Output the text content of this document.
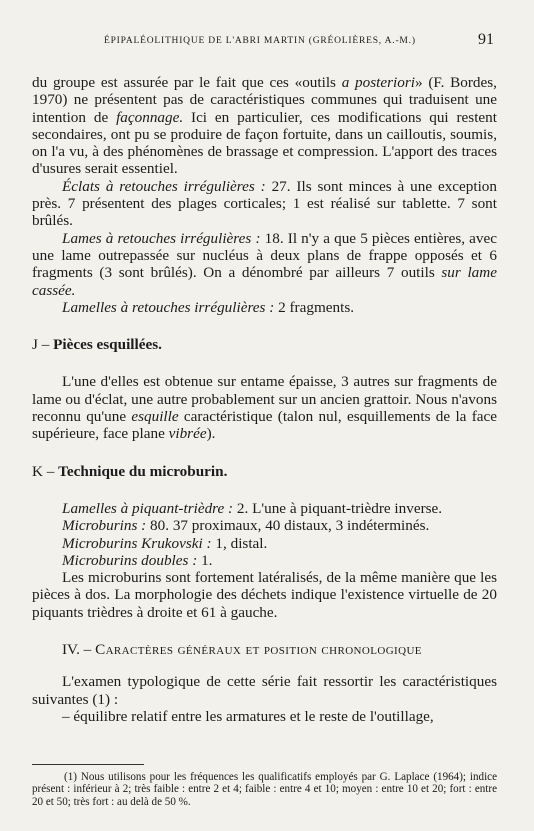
ÉPIPALÉOLITHIQUE DE L'ABRI MARTIN (GRÉOLIÈRES, A.-M.)	91

du groupe est assurée par le fait que ces «outils a posteriori» (F. Bordes, 1970) ne présentent pas de caractéristiques communes qui traduisent une intention de façonnage. Ici en particulier, ces modifications qui restent secondaires, ont pu se produire de façon fortuite, dans un cailloutis, soumis, on l'a vu, à des phénomènes de brassage et compression. L'apport des traces d'usures serait essentiel.

Éclats à retouches irrégulières : 27. Ils sont minces à une exception près. 7 présentent des plages corticales; 1 est réalisé sur tablette. 7 sont brûlés.

Lames à retouches irrégulières : 18. Il n'y a que 5 pièces entières, avec une lame outrepassée sur nucléus à deux plans de frappe opposés et 6 fragments (3 sont brûlés). On a dénombré par ailleurs 7 outils sur lame cassée.

Lamelles à retouches irrégulières : 2 fragments.

J – Pièces esquillées.

L'une d'elles est obtenue sur entame épaisse, 3 autres sur fragments de lame ou d'éclat, une autre probablement sur un ancien grattoir. Nous n'avons reconnu qu'une esquille caractéristique (talon nul, esquillements de la face supérieure, face plane vibrée).

K – Technique du microburin.

Lamelles à piquant-trièdre : 2. L'une à piquant-trièdre inverse.
Microburins : 80. 37 proximaux, 40 distaux, 3 indéterminés.
Microburins Krukovski : 1, distal.
Microburins doubles : 1.

Les microburins sont fortement latéralisés, de la même manière que les pièces à dos. La morphologie des déchets indique l'existence virtuelle de 20 piquants trièdres à droite et 61 à gauche.

IV. – Caractères généraux et position chronologique

L'examen typologique de cette série fait ressortir les caractéristiques suivantes (1) :

– équilibre relatif entre les armatures et le reste de l'outillage,

(1) Nous utilisons pour les fréquences les qualificatifs employés par G. Laplace (1964); indice présent : inférieur à 2; très faible : entre 2 et 4; faible : entre 4 et 10; moyen : entre 10 et 20; fort : entre 20 et 50; très fort : au delà de 50 %.
